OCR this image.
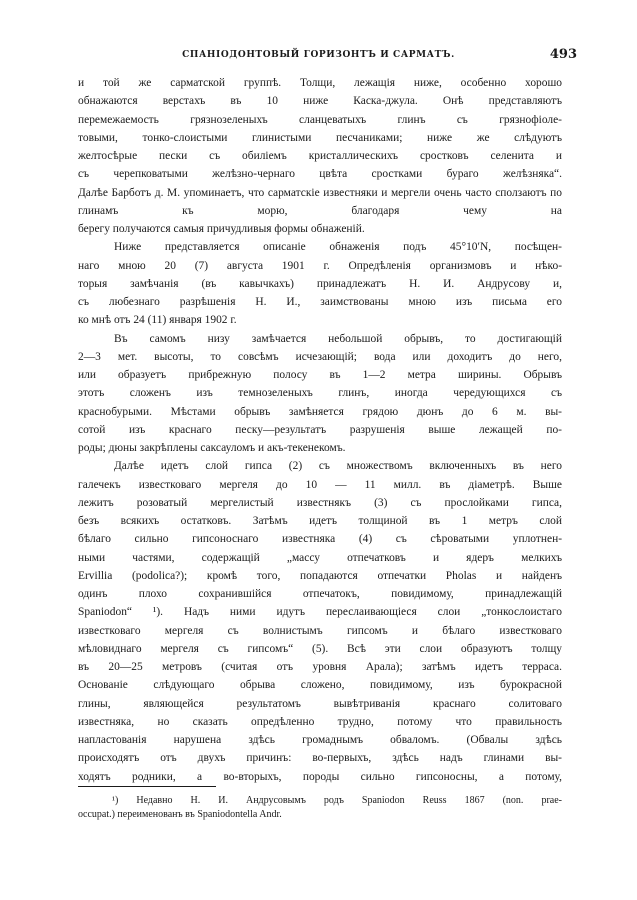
СПАНІОДОНТОВЫЙ ГОРИЗОНТЪ И САРМАТЪ.	493
и той же сарматской группѣ. Толщи, лежащія ниже, особенно хорошо
обнажаются верстахъ въ 10 ниже Каска-джула. Онѣ представляютъ
перемежаемость грязнозеленыхъ сланцеватыхъ глинъ съ грязнофіоле-
товыми, тонко-слоистыми глинистыми песчаниками; ниже же слѣдуютъ
желтосѣрые пески съ обиліемъ кристаллическихъ сростковъ селенита и
съ черепковатыми желѣзно-чернаго цвѣта сростками бураго желѣзняка“.
Далѣе Барботъ д. М. упоминаетъ, что сарматскіе известняки и мергели очень часто сползаютъ по глинамъ къ морю, благодаря чему на
берегу получаются самыя причудливыя формы обнаженій.
Ниже представляется описаніе обнаженія подъ 45°10′N, посѣщен-
наго мною 20 (7) августа 1901 г. Опредѣленія организмовъ и нѣко-
торыя замѣчанія (въ кавычкахъ) принадлежатъ Н. И. Андрусову и,
съ любезнаго разрѣшенія Н. И., заимствованы мною изъ письма его
ко мнѣ отъ 24 (11) января 1902 г.
Въ самомъ низу замѣчается небольшой обрывъ, то достигающій
2—3 мет. высоты, то совсѣмъ исчезающій; вода или доходитъ до него,
или образуетъ прибрежную полосу въ 1—2 метра ширины. Обрывъ
этотъ сложенъ изъ темнозеленыхъ глинъ, иногда чередующихся съ
краснобурыми. Мѣстами обрывъ замѣняется грядою дюнъ до 6 м. вы-
сотой изъ краснаго песку—результатъ разрушенія выше лежащей по-
роды; дюны закрѣплены саксауломъ и акъ-текенекомъ.
Далѣе идетъ слой гипса (2) съ множествомъ включенныхъ въ него
галечекъ известковаго мергеля до 10 — 11 милл. въ діаметрѣ. Выше
лежитъ розоватый мергелистый известнякъ (3) съ прослойками гипса,
безъ всякихъ остатковъ. Затѣмъ идетъ толщиной въ 1 метръ слой
бѣлаго сильно гипсоноснаго известняка (4) съ сѣроватыми уплотнен-
ными частями, содержащій „массу отпечатковъ и ядеръ мелкихъ
Ervillia (podolica?); кромѣ того, попадаются отпечатки Pholas и найденъ
одинъ плохо сохранившійся отпечатокъ, повидимому, принадлежащій
Spaniodon“ ¹). Надъ ними идутъ переслаивающіеся слои „тонкослоистаго
известковаго мергеля съ волнистымъ гипсомъ и бѣлаго известковаго
мѣловиднаго мергеля съ гипсомъ“ (5). Всѣ эти слои образуютъ толщу
въ 20—25 метровъ (считая отъ уровня Арала); затѣмъ идетъ терраса.
Основаніе слѣдующаго обрыва сложено, повидимому, изъ бурокрасной
глины, являющейся результатомъ вывѣтриванія краснаго солитоваго
известняка, но сказать опредѣленно трудно, потому что правильность
напластованія нарушена здѣсь громаднымъ обваломъ. (Обвалы здѣсь
происходятъ отъ двухъ причинъ: во-первыхъ, здѣсь надъ глинами вы-
ходятъ родники, а во-вторыхъ, породы сильно гипсоносны, а потому,
¹) Недавно Н. И. Андрусовымъ родъ Spaniodon Reuss 1867 (non. prae-
occupat.) переименованъ въ Spaniodontella Andr.
